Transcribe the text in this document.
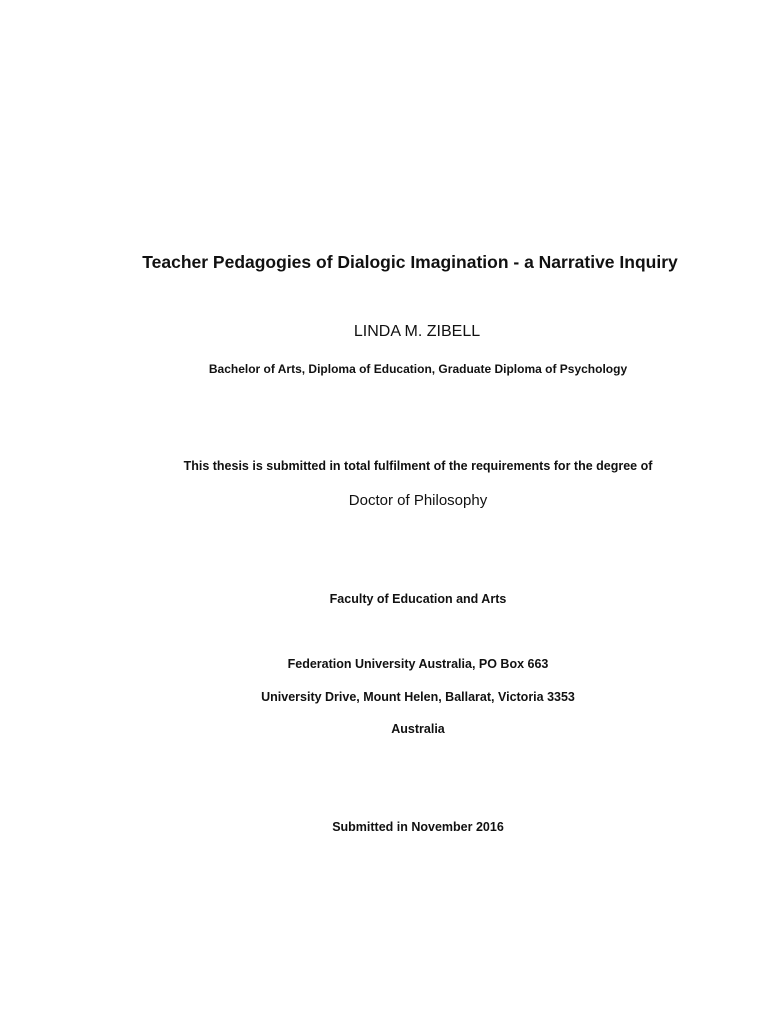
Teacher Pedagogies of Dialogic Imagination - a Narrative Inquiry
LINDA M. ZIBELL
Bachelor of Arts, Diploma of Education, Graduate Diploma of Psychology
This thesis is submitted in total fulfilment of the requirements for the degree of
Doctor of Philosophy
Faculty of Education and Arts
Federation University Australia, PO Box 663
University Drive, Mount Helen, Ballarat, Victoria 3353
Australia
Submitted in November 2016
